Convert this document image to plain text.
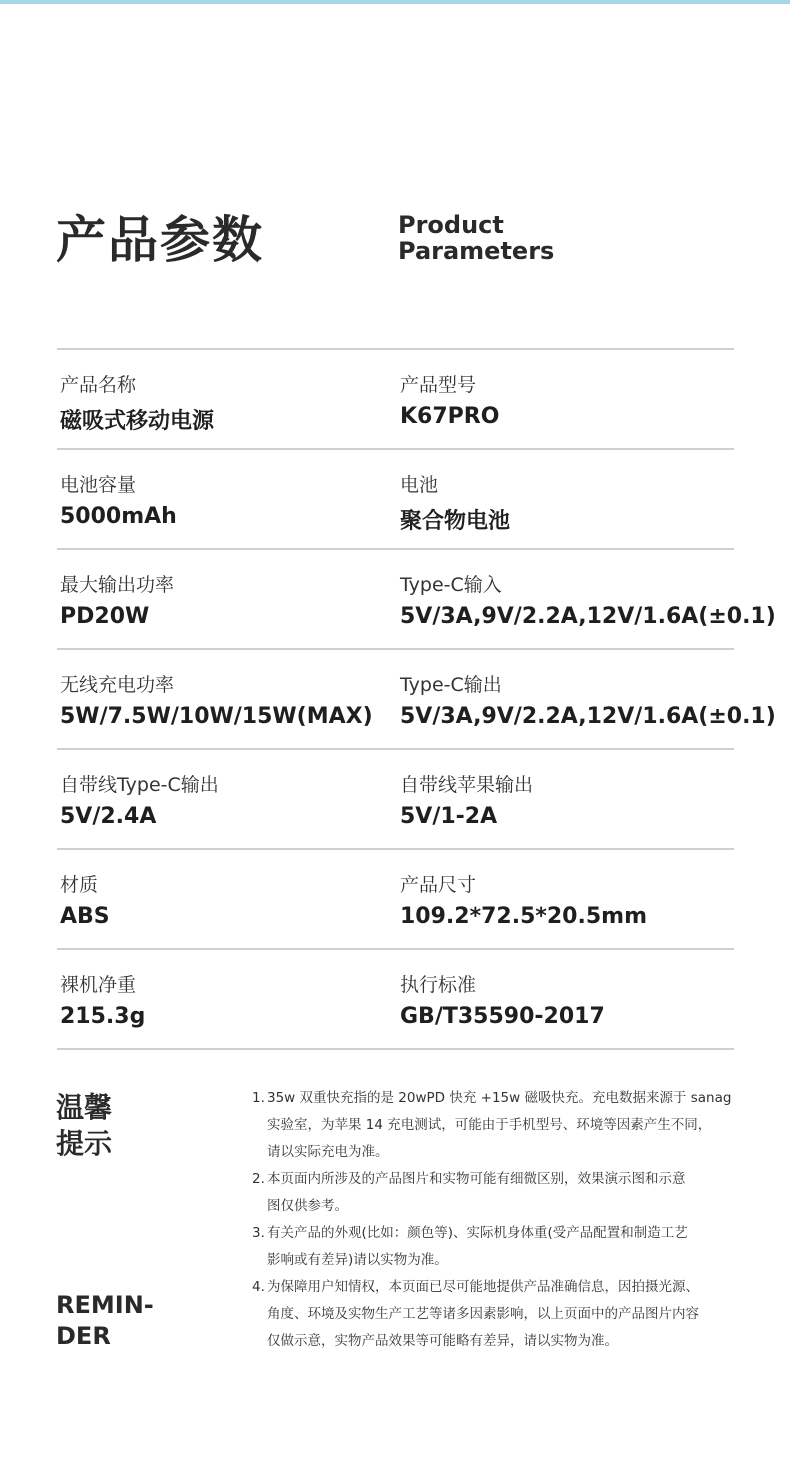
产品参数	Product
Parameters
产品名称
磁吸式移动电源
产品型号
K67PRO
电池容量
5000mAh
电池
聚合物电池
最大输出功率
PD20W
Type-C输入
5V/3A,9V/2.2A,12V/1.6A(±0.1)
无线充电功率
5W/7.5W/10W/15W(MAX)
Type-C输出
5V/3A,9V/2.2A,12V/1.6A(±0.1)
自带线Type-C输出
5V/2.4A
自带线苹果输出
5V/1-2A
材质
ABS
产品尺寸
109.2*72.5*20.5mm
裸机净重
215.3g
执行标准
GB/T35590-2017
温馨
提示
REMIN-
DER
1. 35w 双重快充指的是 20wPD 快充 +15w 磁吸快充。充电数据来源于 sanag
实验室，为苹果 14 充电测试，可能由于手机型号、环境等因素产生不同，
请以实际充电为准。
2. 本页面内所涉及的产品图片和实物可能有细微区别，效果演示图和示意
图仅供参考。
3. 有关产品的外观(比如：颜色等)、实际机身体重(受产品配置和制造工艺
影响或有差异)请以实物为准。
4. 为保障用户知情权，本页面已尽可能地提供产品准确信息，因拍摄光源、
角度、环境及实物生产工艺等诸多因素影响，以上页面中的产品图片内容
仅做示意，实物产品效果等可能略有差异，请以实物为准。
